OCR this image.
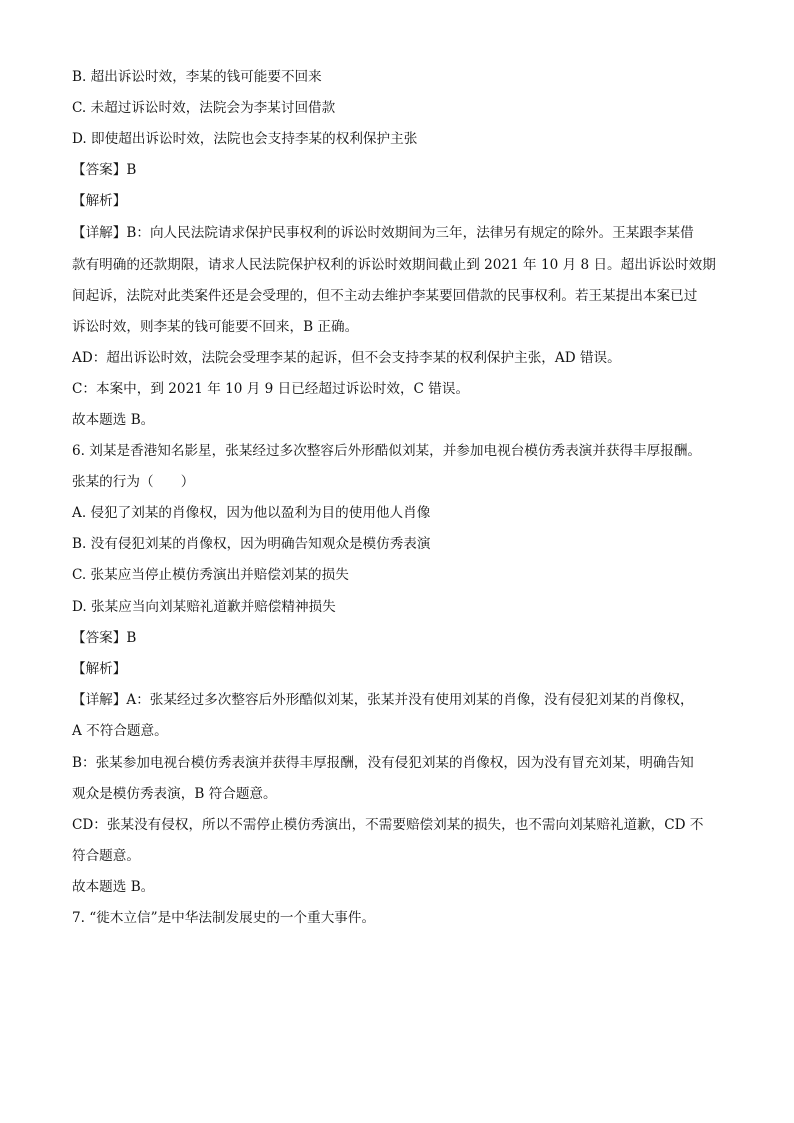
B. 超出诉讼时效，李某的钱可能要不回来
C. 未超过诉讼时效，法院会为李某讨回借款
D. 即使超出诉讼时效，法院也会支持李某的权利保护主张
【答案】B
【解析】
【详解】B：向人民法院请求保护民事权利的诉讼时效期间为三年，法律另有规定的除外。王某跟李某借
款有明确的还款期限，请求人民法院保护权利的诉讼时效期间截止到 2021 年 10 月 8 日。超出诉讼时效期
间起诉，法院对此类案件还是会受理的，但不主动去维护李某要回借款的民事权利。若王某提出本案已过
诉讼时效，则李某的钱可能要不回来，B 正确。
AD：超出诉讼时效，法院会受理李某的起诉，但不会支持李某的权利保护主张，AD 错误。
C：本案中，到 2021 年 10 月 9 日已经超过诉讼时效，C 错误。
故本题选 B。
6. 刘某是香港知名影星，张某经过多次整容后外形酷似刘某，并参加电视台模仿秀表演并获得丰厚报酬。
张某的行为（　　）
A. 侵犯了刘某的肖像权，因为他以盈利为目的使用他人肖像
B. 没有侵犯刘某的肖像权，因为明确告知观众是模仿秀表演
C. 张某应当停止模仿秀演出并赔偿刘某的损失
D. 张某应当向刘某赔礼道歉并赔偿精神损失
【答案】B
【解析】
【详解】A：张某经过多次整容后外形酷似刘某，张某并没有使用刘某的肖像，没有侵犯刘某的肖像权，
A 不符合题意。
B：张某参加电视台模仿秀表演并获得丰厚报酬，没有侵犯刘某的肖像权，因为没有冒充刘某，明确告知
观众是模仿秀表演，B 符合题意。
CD：张某没有侵权，所以不需停止模仿秀演出，不需要赔偿刘某的损失，也不需向刘某赔礼道歉，CD 不
符合题意。
故本题选 B。
7. “徙木立信”是中华法制发展史的一个重大事件。
